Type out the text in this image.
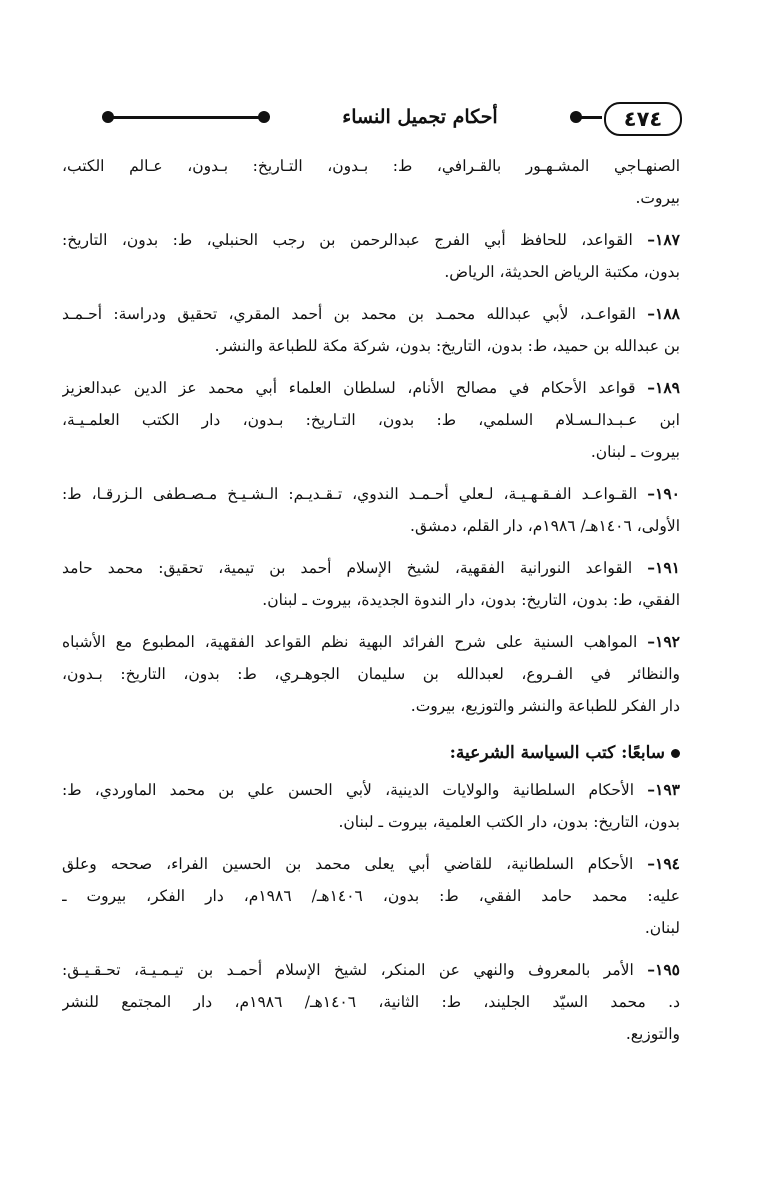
٤٧٤
أحكام تجميل النساء
الصنهـاجي المشـهـور بالقـرافي، ط: بـدون، التـاريخ: بـدون، عـالم الكتب،
بيروت.
١٨٧– القواعد، للحافظ أبي الفرج عبدالرحمن بن رجب الحنبلي، ط: بدون، التاريخ:
بدون، مكتبة الرياض الحديثة، الرياض.
١٨٨– القواعـد، لأبي عبدالله محمـد بن محمد بن أحمد المقري، تحقيق ودراسة: أحـمـد
بن عبدالله بن حميد، ط: بدون، التاريخ: بدون، شركة مكة للطباعة والنشر.
١٨٩– قواعد الأحكام في مصالح الأنام، لسلطان العلماء أبي محمد عز الدين عبدالعزيز
ابن عـبـدالـسـلام السلمي، ط: بدون، التـاريخ: بـدون، دار الكتب العلمـيـة،
بيروت ـ لبنان.
١٩٠– القـواعـد الفـقـهـيـة، لـعلي أحـمـد الندوي، تـقـديـم: الـشـيـخ مـصـطفى الـزرقـا، ط:
الأولى، ١٤٠٦هـ/ ١٩٨٦م، دار القلم، دمشق.
١٩١– القواعد النورانية الفقهية، لشيخ الإسلام أحمد بن تيمية، تحقيق: محمد حامد
الفقي، ط: بدون، التاريخ: بدون، دار الندوة الجديدة، بيروت ـ لبنان.
١٩٢– المواهب السنية على شرح الفرائد البهية نظم القواعد الفقهية، المطبوع مع الأشباه
والنظائر في الفـروع، لعبدالله بن سليمان الجوهـري، ط: بدون، التاريخ: بـدون،
دار الفكر للطباعة والنشر والتوزيع، بيروت.
سابعًا: كتب السياسة الشرعية:
١٩٣– الأحكام السلطانية والولايات الدينية، لأبي الحسن علي بن محمد الماوردي، ط:
بدون، التاريخ: بدون، دار الكتب العلمية، بيروت ـ لبنان.
١٩٤– الأحكام السلطانية، للقاضي أبي يعلى محمد بن الحسين الفراء، صححه وعلق
عليه: محمد حامد الفقي، ط: بدون، ١٤٠٦هـ/ ١٩٨٦م، دار الفكر، بيروت ـ
لبنان.
١٩٥– الأمر بالمعروف والنهي عن المنكر، لشيخ الإسلام أحمـد بن تيـمـيـة، تحـقـيـق:
د. محمد السيّد الجليند، ط: الثانية، ١٤٠٦هـ/ ١٩٨٦م، دار المجتمع للنشر
والتوزيع.
